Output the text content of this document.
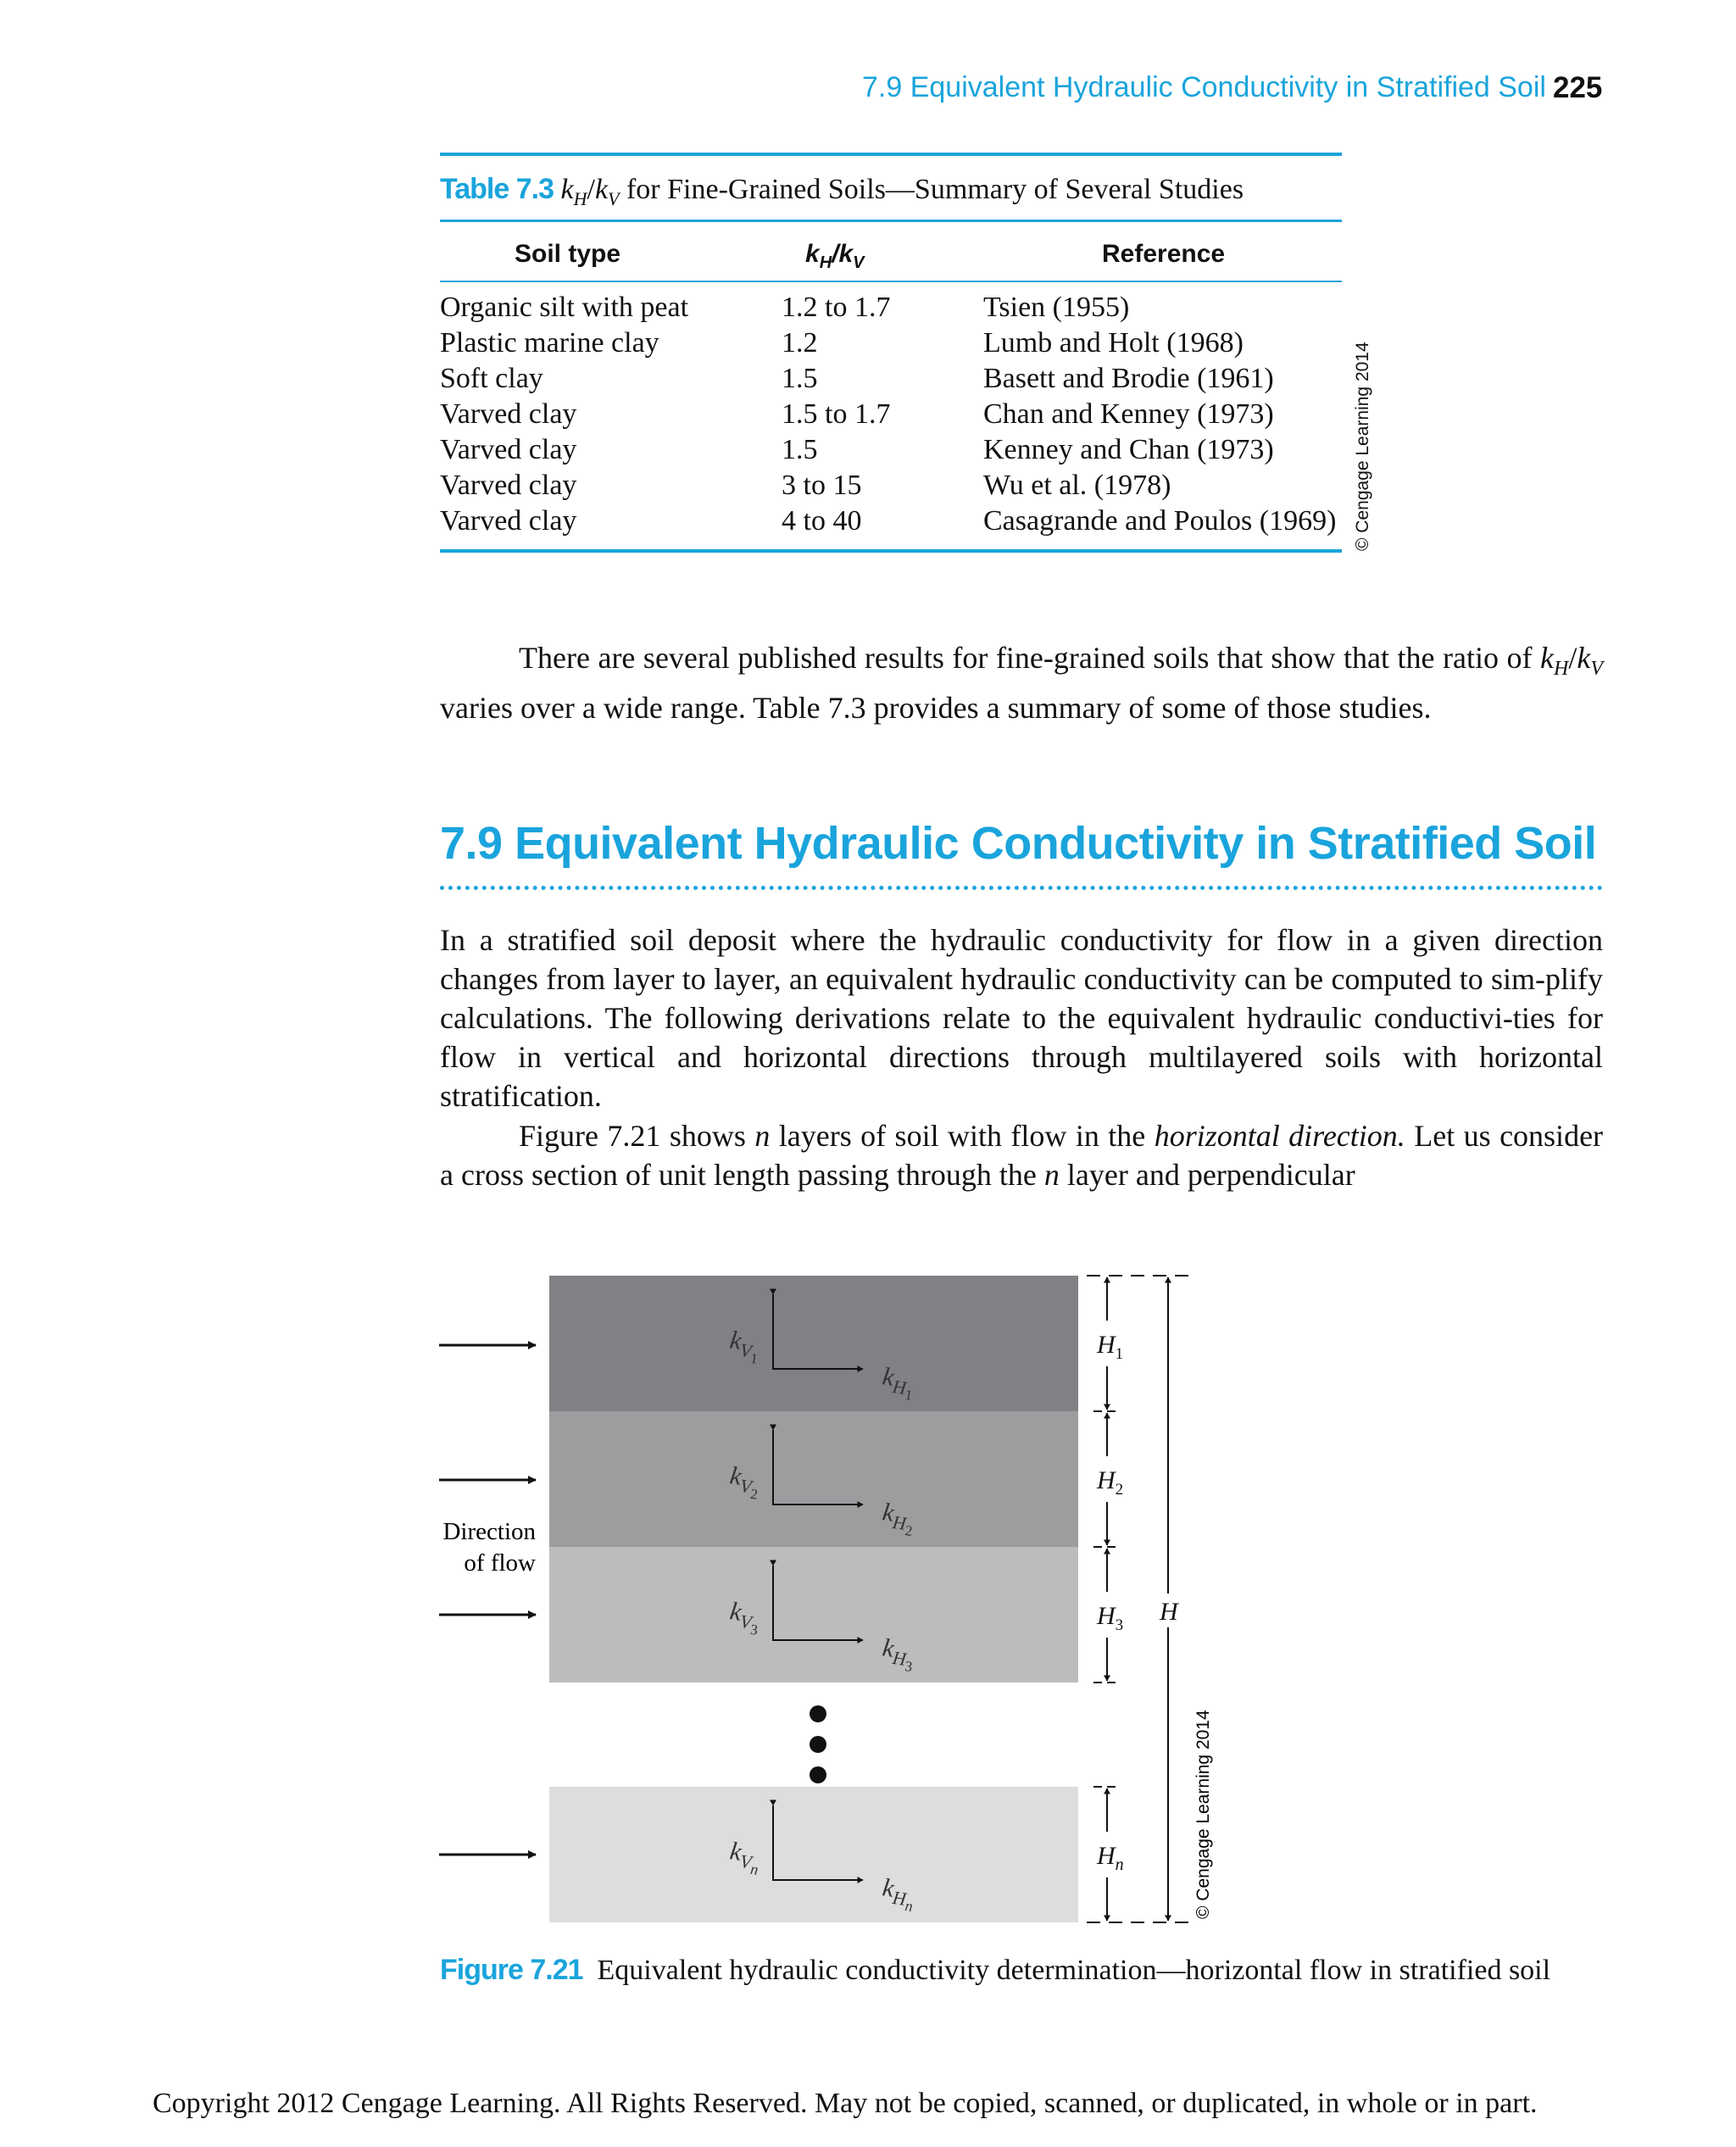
7.9 Equivalent Hydraulic Conductivity in Stratified Soil 225
Table 7.3 $k_H/k_V$ for Fine-Grained Soils—Summary of Several Studies
Soil type	$k_H/k_V$	Reference
Organic silt with peat	1.2 to 1.7	Tsien (1955)
Plastic marine clay	1.2	Lumb and Holt (1968)
Soft clay	1.5	Basett and Brodie (1961)
Varved clay	1.5 to 1.7	Chan and Kenney (1973)
Varved clay	1.5	Kenney and Chan (1973)
Varved clay	3 to 15	Wu et al. (1978)
Varved clay	4 to 40	Casagrande and Poulos (1969) © Cengage Learning 2014
There are several published results for fine-grained soils that show that the ratio of $k_H/k_V$ varies over a wide range. Table 7.3 provides a summary of some of those studies.
7.9 Equivalent Hydraulic Conductivity in Stratified Soil
In a stratified soil deposit where the hydraulic conductivity for flow in a given direction changes from layer to layer, an equivalent hydraulic conductivity can be computed to sim-plify calculations. The following derivations relate to the equivalent hydraulic conductivi-ties for flow in vertical and horizontal directions through multilayered soils with horizontal stratification.
Figure 7.21 shows n layers of soil with flow in the horizontal direction. Let us consider a cross section of unit length passing through the n layer and perpendicular
Direction
of flow
$k_{V1}$
$k_{H1}$
$k_{V2}$
$k_{H2}$
$k_{V3}$
$k_{H3}$
$k_{Vn}$
$k_{Hn}$
$H_1$
$H_2$
$H_3$
$H_n$
H
© Cengage Learning 2014
Figure 7.21 Equivalent hydraulic conductivity determination—horizontal flow in stratified soil
Copyright 2012 Cengage Learning. All Rights Reserved. May not be copied, scanned, or duplicated, in whole or in part.
